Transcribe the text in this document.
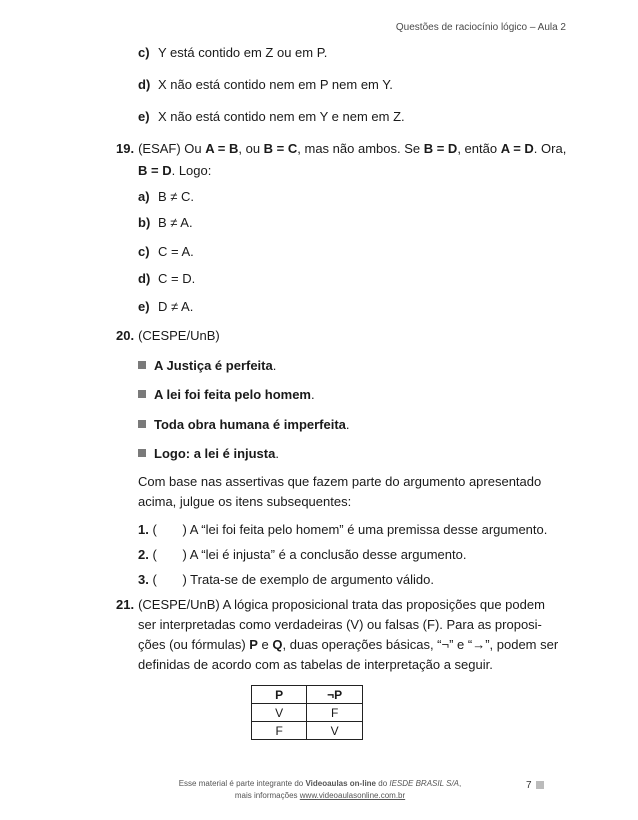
Questões de raciocínio lógico – Aula 2
c) Y está contido em Z ou em P.
d) X não está contido nem em P nem em Y.
e) X não está contido nem em Y e nem em Z.
19. (ESAF) Ou A = B, ou B = C, mas não ambos. Se B = D, então A = D. Ora,
B = D. Logo:
a) B ≠ C.
b) B ≠ A.
c) C = A.
d) C = D.
e) D ≠ A.
20. (CESPE/UnB)
A Justiça é perfeita.
A lei foi feita pelo homem.
Toda obra humana é imperfeita.
Logo: a lei é injusta.
Com base nas assertivas que fazem parte do argumento apresentado
acima, julgue os itens subsequentes:
1. ( ) A “lei foi feita pelo homem” é uma premissa desse argumento.
2. ( ) A “lei é injusta” é a conclusão desse argumento.
3. ( ) Trata-se de exemplo de argumento válido.
21. (CESPE/UnB) A lógica proposicional trata das proposições que podem
ser interpretadas como verdadeiras (V) ou falsas (F). Para as proposi-
ções (ou fórmulas) P e Q, duas operações básicas, “¬” e “→”, podem ser
definidas de acordo com as tabelas de interpretação a seguir.
P	¬P
V	F
F	V
Esse material é parte integrante do Videoaulas on-line do IESDE BRASIL S/A,
mais informações www.videoaulasonline.com.br
7
